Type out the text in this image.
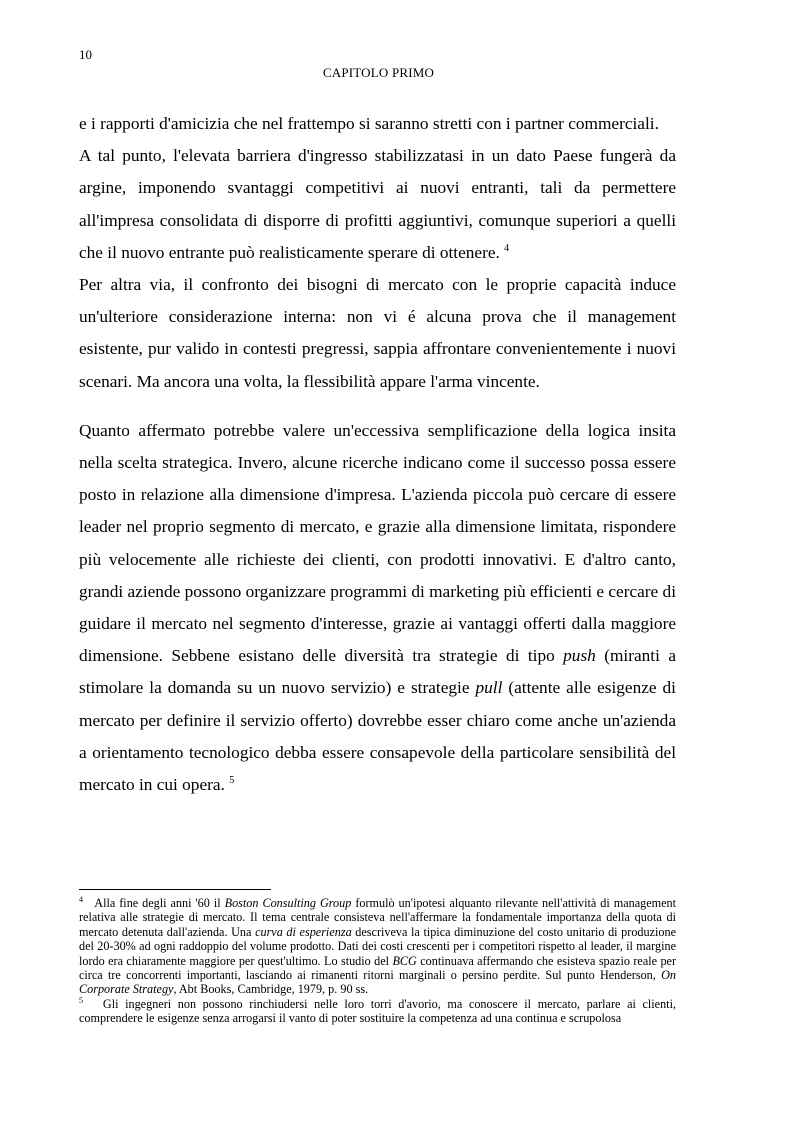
10
CAPITOLO PRIMO

e i rapporti d'amicizia che nel frattempo si saranno stretti con i partner commerciali.

A tal punto, l'elevata barriera d'ingresso stabilizzatasi in un dato Paese fungerà da argine, imponendo svantaggi competitivi ai nuovi entranti, tali da permettere all'impresa consolidata di disporre di profitti aggiuntivi, comunque superiori a quelli che il nuovo entrante può realisticamente sperare di ottenere. $^4$

Per altra via, il confronto dei bisogni di mercato con le proprie capacità induce un'ulteriore considerazione interna: non vi é alcuna prova che il management esistente, pur valido in contesti pregressi, sappia affrontare convenientemente i nuovi scenari. Ma ancora una volta, la flessibilità appare l'arma vincente.

Quanto affermato potrebbe valere un'eccessiva semplificazione della logica insita nella scelta strategica. Invero, alcune ricerche indicano come il successo possa essere posto in relazione alla dimensione d'impresa. L'azienda piccola può cercare di essere leader nel proprio segmento di mercato, e grazie alla dimensione limitata, rispondere più velocemente alle richieste dei clienti, con prodotti innovativi. E d'altro canto, grandi aziende possono organizzare programmi di marketing più efficienti e cercare di guidare il mercato nel segmento d'interesse, grazie ai vantaggi offerti dalla maggiore dimensione. Sebbene esistano delle diversità tra strategie di tipo push (miranti a stimolare la domanda su un nuovo servizio) e strategie pull (attente alle esigenze di mercato per definire il servizio offerto) dovrebbe esser chiaro come anche un'azienda a orientamento tecnologico debba essere consapevole della particolare sensibilità del mercato in cui opera. $^5$

$^4$ Alla fine degli anni '60 il Boston Consulting Group formulò un'ipotesi alquanto rilevante nell'attività di management relativa alle strategie di mercato. Il tema centrale consisteva nell'affermare la fondamentale importanza della quota di mercato detenuta dall'azienda. Una curva di esperienza descriveva la tipica diminuzione del costo unitario di produzione del 20-30% ad ogni raddoppio del volume prodotto. Dati dei costi crescenti per i competitori rispetto al leader, il margine lordo era chiaramente maggiore per quest'ultimo. Lo studio del BCG continuava affermando che esisteva spazio reale per circa tre concorrenti importanti, lasciando ai rimanenti ritorni marginali o persino perdite. Sul punto Henderson, On Corporate Strategy, Abt Books, Cambridge, 1979, p. 90 ss.

$^5$ Gli ingegneri non possono rinchiudersi nelle loro torri d'avorio, ma conoscere il mercato, parlare ai clienti, comprendere le esigenze senza arrogarsi il vanto di poter sostituire la competenza ad una continua e scrupolosa
